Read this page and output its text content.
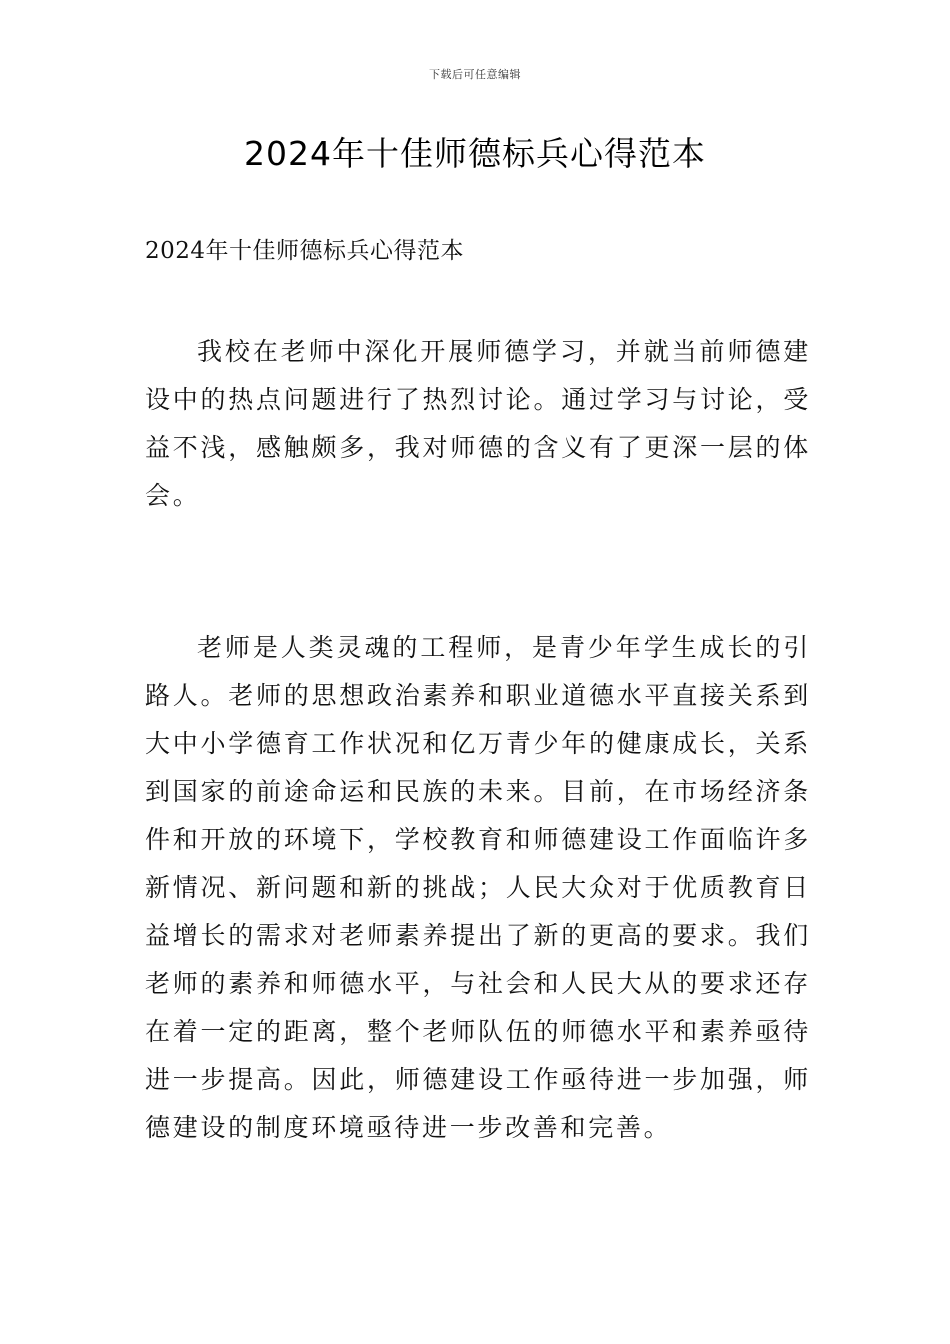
下载后可任意编辑
2024年十佳师德标兵心得范本

2024年十佳师德标兵心得范本

我校在老师中深化开展师德学习，并就当前师德建设中的热点问题进行了热烈讨论。通过学习与讨论，受益不浅，感触颇多，我对师德的含义有了更深一层的体会。

老师是人类灵魂的工程师，是青少年学生成长的引路人。老师的思想政治素养和职业道德水平直接关系到大中小学德育工作状况和亿万青少年的健康成长，关系到国家的前途命运和民族的未来。目前，在市场经济条件和开放的环境下，学校教育和师德建设工作面临许多新情况、新问题和新的挑战；人民大众对于优质教育日益增长的需求对老师素养提出了新的更高的要求。我们老师的素养和师德水平，与社会和人民大从的要求还存在着一定的距离，整个老师队伍的师德水平和素养亟待进一步提高。因此，师德建设工作亟待进一步加强，师德建设的制度环境亟待进一步改善和完善。
